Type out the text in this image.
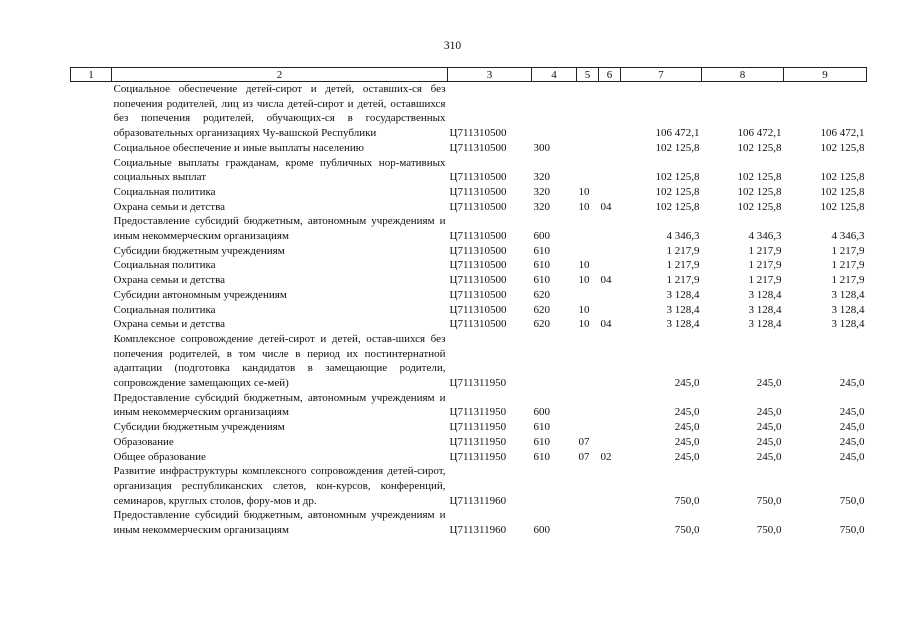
310
1	2	3	4	5	6	7	8	9
	Социальное обеспечение детей-сирот и детей, оставших-ся без попечения родителей, лиц из числа детей-сирот и детей, оставшихся без попечения родителей, обучающих-ся в государственных образовательных организациях Чу-вашской Республики	Ц711310500				106 472,1	106 472,1	106 472,1
	Социальное обеспечение и иные выплаты населению	Ц711310500	300			102 125,8	102 125,8	102 125,8
	Социальные выплаты гражданам, кроме публичных нор-мативных социальных выплат	Ц711310500	320			102 125,8	102 125,8	102 125,8
	Социальная политика	Ц711310500	320	10		102 125,8	102 125,8	102 125,8
	Охрана семьи и детства	Ц711310500	320	10	04	102 125,8	102 125,8	102 125,8
	Предоставление субсидий бюджетным, автономным учреждениям и иным некоммерческим организациям	Ц711310500	600			4 346,3	4 346,3	4 346,3
	Субсидии бюджетным учреждениям	Ц711310500	610			1 217,9	1 217,9	1 217,9
	Социальная политика	Ц711310500	610	10		1 217,9	1 217,9	1 217,9
	Охрана семьи и детства	Ц711310500	610	10	04	1 217,9	1 217,9	1 217,9
	Субсидии автономным учреждениям	Ц711310500	620			3 128,4	3 128,4	3 128,4
	Социальная политика	Ц711310500	620	10		3 128,4	3 128,4	3 128,4
	Охрана семьи и детства	Ц711310500	620	10	04	3 128,4	3 128,4	3 128,4
	Комплексное сопровождение детей-сирот и детей, остав-шихся без попечения родителей, в том числе в период их постинтернатной адаптации (подготовка кандидатов в замещающие родители, сопровождение замещающих се-мей)	Ц711311950				245,0	245,0	245,0
	Предоставление субсидий бюджетным, автономным учреждениям и иным некоммерческим организациям	Ц711311950	600			245,0	245,0	245,0
	Субсидии бюджетным учреждениям	Ц711311950	610			245,0	245,0	245,0
	Образование	Ц711311950	610	07		245,0	245,0	245,0
	Общее образование	Ц711311950	610	07	02	245,0	245,0	245,0
	Развитие инфраструктуры комплексного сопровождения детей-сирот, организация республиканских слетов, кон-курсов, конференций, семинаров, круглых столов, фору-мов и др.	Ц711311960				750,0	750,0	750,0
	Предоставление субсидий бюджетным, автономным учреждениям и иным некоммерческим организациям	Ц711311960	600			750,0	750,0	750,0
